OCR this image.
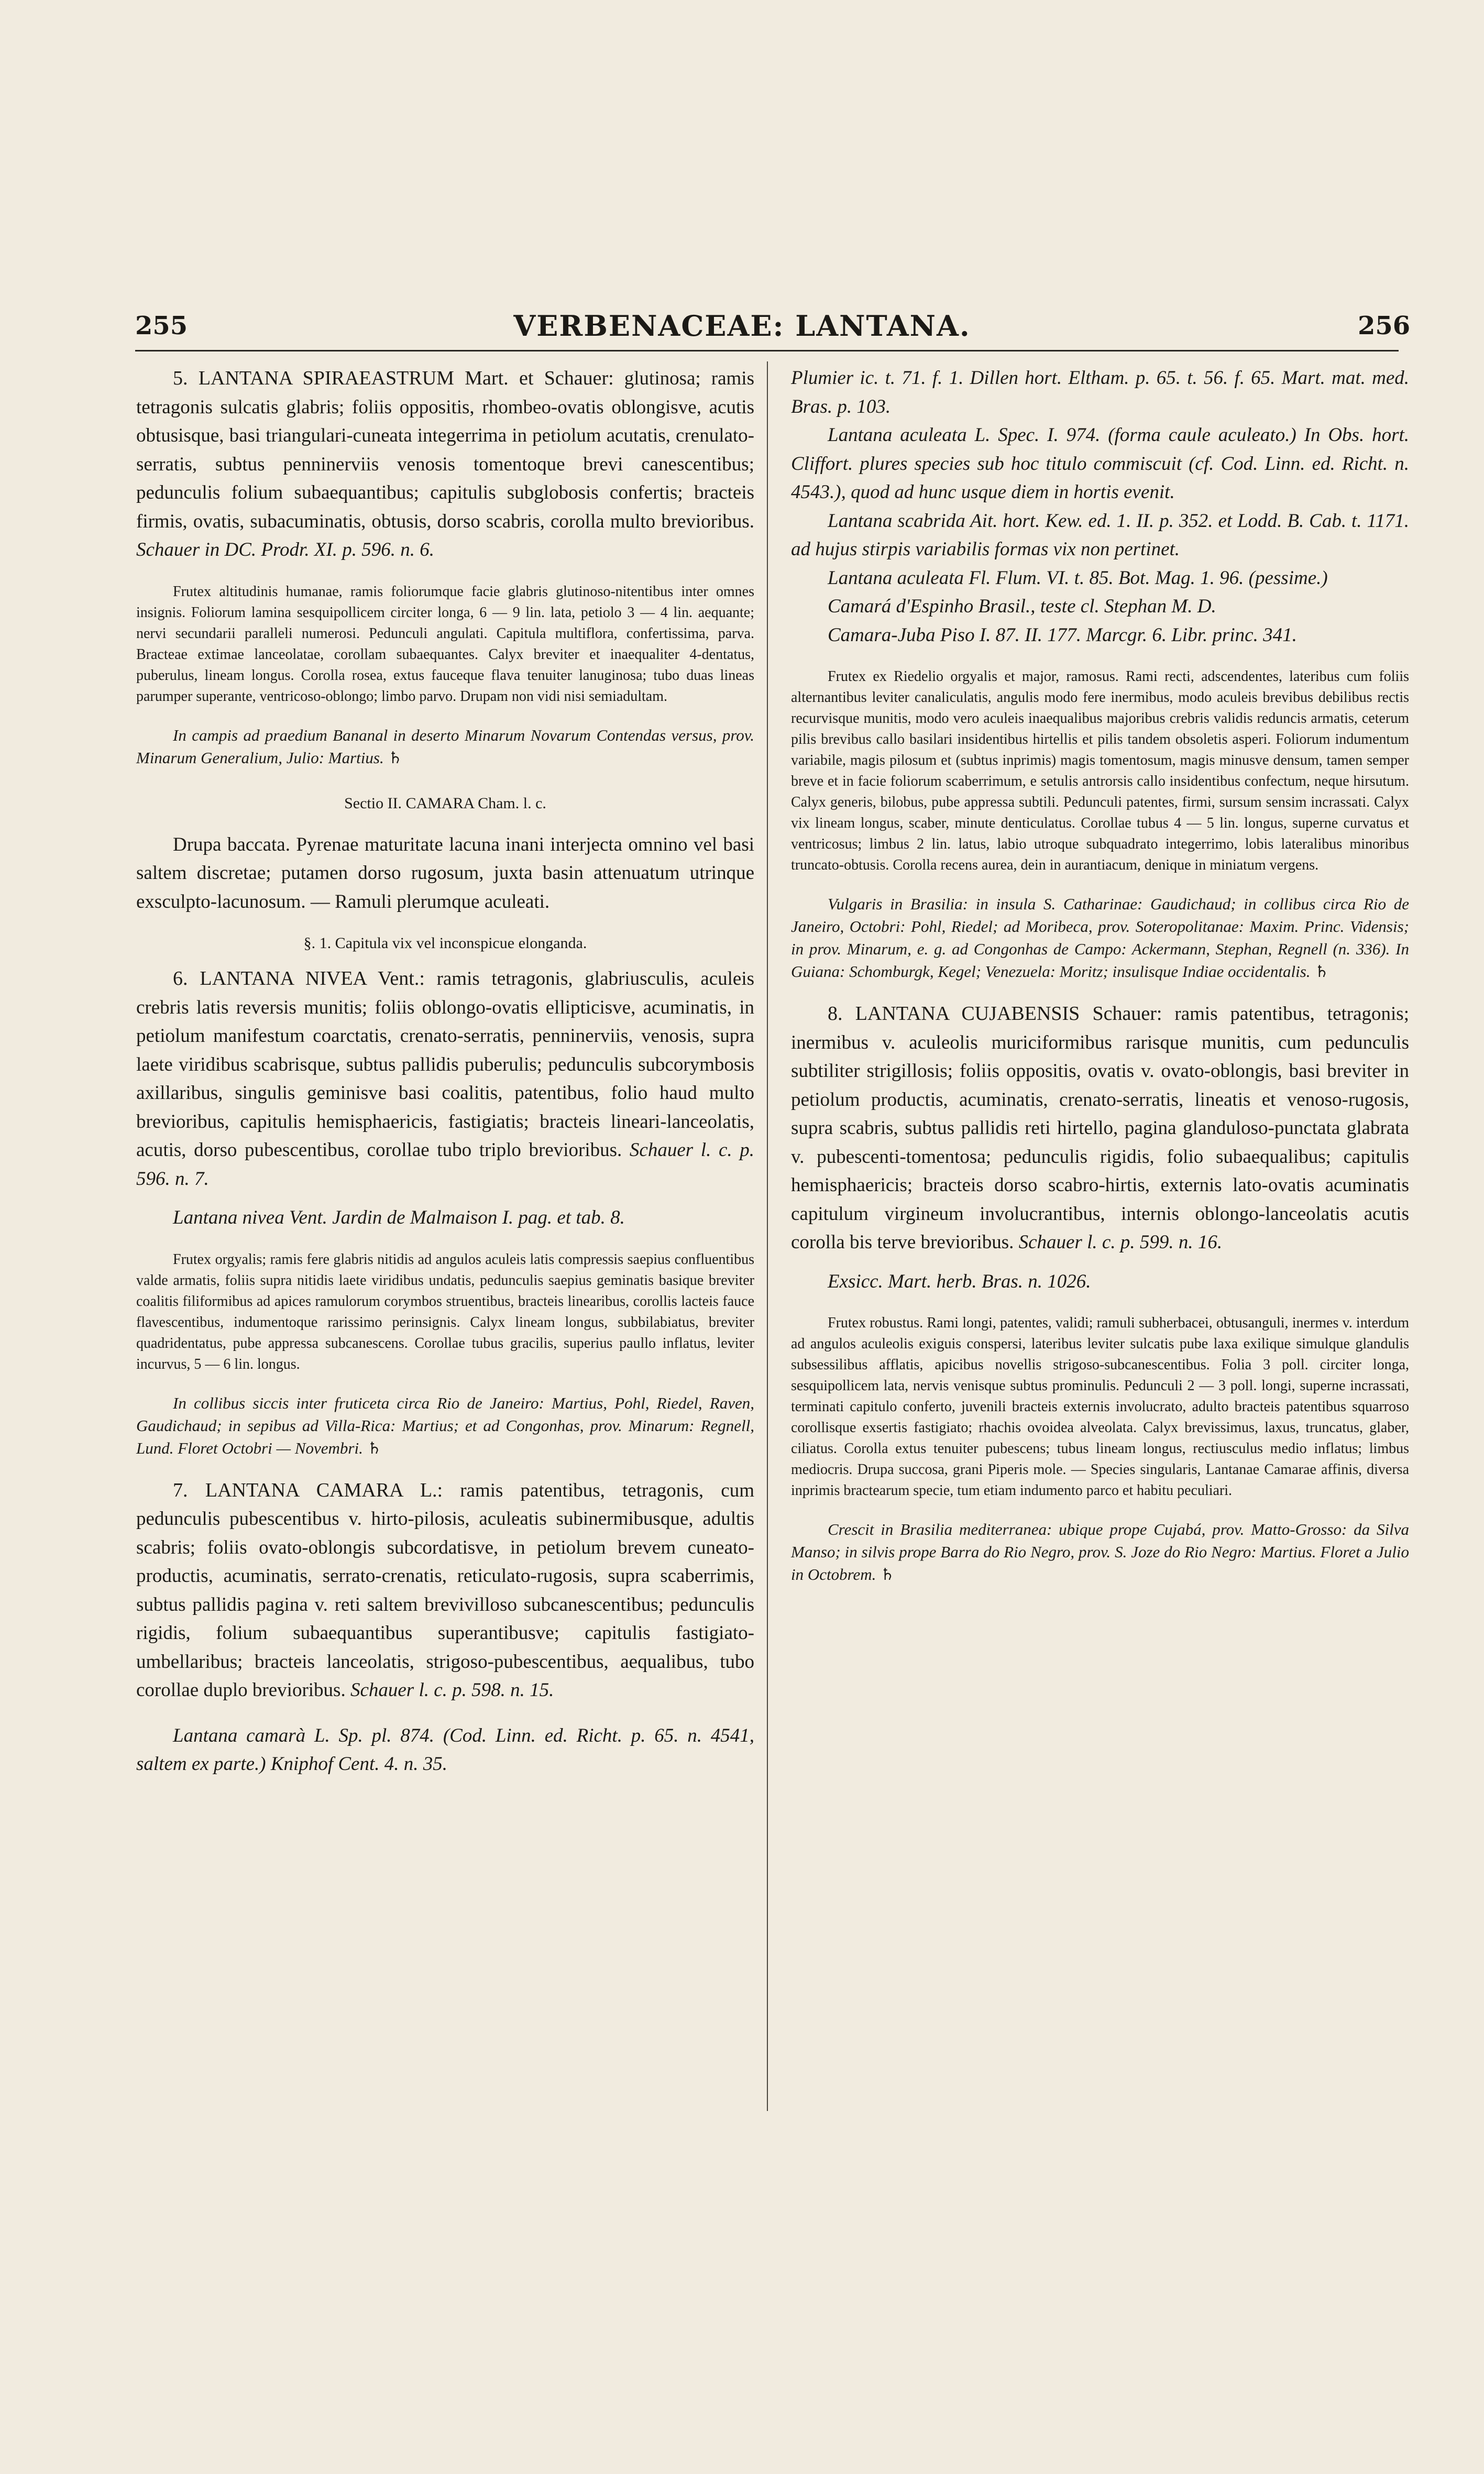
255	VERBENACEAE: LANTANA.	256

5. LANTANA SPIRAEASTRUM Mart. et Schauer: glutinosa; ramis tetragonis sulcatis glabris; foliis oppositis, rhombeo-ovatis oblongisve, acutis obtusisque, basi triangulari-cuneata integerrima in petiolum acutatis, crenulato-serratis, subtus penninerviis venosis tomentoque brevi canescentibus; pedunculis folium subaequantibus; capitulis subglobosis confertis; bracteis firmis, ovatis, subacuminatis, obtusis, dorso scabris, corolla multo brevioribus. Schauer in DC. Prodr. XI. p. 596. n. 6.

Frutex altitudinis humanae, ramis foliorumque facie glabris glutinoso-nitentibus inter omnes insignis. Foliorum lamina sesquipollicem circiter longa, 6 — 9 lin. lata, petiolo 3 — 4 lin. aequante; nervi secundarii paralleli numerosi. Pedunculi angulati. Capitula multiflora, confertissima, parva. Bracteae extimae lanceolatae, corollam subaequantes. Calyx breviter et inaequaliter 4-dentatus, puberulus, lineam longus. Corolla rosea, extus fauceque flava tenuiter lanuginosa; tubo duas lineas parumper superante, ventricoso-oblongo; limbo parvo. Drupam non vidi nisi semiadultam.

In campis ad praedium Bananal in deserto Minarum Novarum Contendas versus, prov. Minarum Generalium, Julio: Martius. ♄

Sectio II. CAMARA Cham. l. c.

Drupa baccata. Pyrenae maturitate lacuna inani interjecta omnino vel basi saltem discretae; putamen dorso rugosum, juxta basin attenuatum utrinque exsculpto-lacunosum. — Ramuli plerumque aculeati.

§. 1. Capitula vix vel inconspicue elonganda.

6. LANTANA NIVEA Vent.: ramis tetragonis, glabriusculis, aculeis crebris latis reversis munitis; foliis oblongo-ovatis ellipticisve, acuminatis, in petiolum manifestum coarctatis, crenato-serratis, penninerviis, venosis, supra laete viridibus scabrisque, subtus pallidis puberulis; pedunculis subcorymbosis axillaribus, singulis geminisve basi coalitis, patentibus, folio haud multo brevioribus, capitulis hemisphaericis, fastigiatis; bracteis lineari-lanceolatis, acutis, dorso pubescentibus, corollae tubo triplo brevioribus. Schauer l. c. p. 596. n. 7.

Lantana nivea Vent. Jardin de Malmaison I. pag. et tab. 8.

Frutex orgyalis; ramis fere glabris nitidis ad angulos aculeis latis compressis saepius confluentibus valde armatis, foliis supra nitidis laete viridibus undatis, pedunculis saepius geminatis basique breviter coalitis filiformibus ad apices ramulorum corymbos struentibus, bracteis linearibus, corollis lacteis fauce flavescentibus, indumentoque rarissimo perinsignis. Calyx lineam longus, subbilabiatus, breviter quadridentatus, pube appressa subcanescens. Corollae tubus gracilis, superius paullo inflatus, leviter incurvus, 5 — 6 lin. longus.

In collibus siccis inter fruticeta circa Rio de Janeiro: Martius, Pohl, Riedel, Raven, Gaudichaud; in sepibus ad Villa-Rica: Martius; et ad Congonhas, prov. Minarum: Regnell, Lund. Floret Octobri — Novembri. ♄

7. LANTANA CAMARA L.: ramis patentibus, tetragonis, cum pedunculis pubescentibus v. hirto-pilosis, aculeatis subinermibusque, adultis scabris; foliis ovato-oblongis subcordatisve, in petiolum brevem cuneato-productis, acuminatis, serrato-crenatis, reticulato-rugosis, supra scaberrimis, subtus pallidis pagina v. reti saltem brevivilloso subcanescentibus; pedunculis rigidis, folium subaequantibus superantibusve; capitulis fastigiato-umbellaribus; bracteis lanceolatis, strigoso-pubescentibus, aequalibus, tubo corollae duplo brevioribus. Schauer l. c. p. 598. n. 15.

Lantana camarà L. Sp. pl. 874. (Cod. Linn. ed. Richt. p. 65. n. 4541, saltem ex parte.) Kniphof Cent. 4. n. 35.

Plumier ic. t. 71. f. 1. Dillen hort. Eltham. p. 65. t. 56. f. 65. Mart. mat. med. Bras. p. 103.

Lantana aculeata L. Spec. I. 974. (forma caule aculeato.) In Obs. hort. Cliffort. plures species sub hoc titulo commiscuit (cf. Cod. Linn. ed. Richt. n. 4543.), quod ad hunc usque diem in hortis evenit.

Lantana scabrida Ait. hort. Kew. ed. 1. II. p. 352. et Lodd. B. Cab. t. 1171. ad hujus stirpis variabilis formas vix non pertinet.

Lantana aculeata Fl. Flum. VI. t. 85. Bot. Mag. 1. 96. (pessime.)

Camará d'Espinho Brasil., teste cl. Stephan M. D.

Camara-Juba Piso I. 87. II. 177. Marcgr. 6. Libr. princ. 341.

Frutex ex Riedelio orgyalis et major, ramosus. Rami recti, adscendentes, lateribus cum foliis alternantibus leviter canaliculatis, angulis modo fere inermibus, modo aculeis brevibus debilibus rectis recurvisque munitis, modo vero aculeis inaequalibus majoribus crebris validis reduncis armatis, ceterum pilis brevibus callo basilari insidentibus hirtellis et pilis tandem obsoletis asperi. Foliorum indumentum variabile, magis pilosum et (subtus inprimis) magis tomentosum, magis minusve densum, tamen semper breve et in facie foliorum scaberrimum, e setulis antrorsis callo insidentibus confectum, neque hirsutum. Calyx generis, bilobus, pube appressa subtili. Pedunculi patentes, firmi, sursum sensim incrassati. Calyx vix lineam longus, scaber, minute denticulatus. Corollae tubus 4 — 5 lin. longus, superne curvatus et ventricosus; limbus 2 lin. latus, labio utroque subquadrato integerrimo, lobis lateralibus minoribus truncato-obtusis. Corolla recens aurea, dein in aurantiacum, denique in miniatum vergens.

Vulgaris in Brasilia: in insula S. Catharinae: Gaudichaud; in collibus circa Rio de Janeiro, Octobri: Pohl, Riedel; ad Moribeca, prov. Soteropolitanae: Maxim. Princ. Vidensis; in prov. Minarum, e. g. ad Congonhas de Campo: Ackermann, Stephan, Regnell (n. 336). In Guiana: Schomburgk, Kegel; Venezuela: Moritz; insulisque Indiae occidentalis. ♄

8. LANTANA CUJABENSIS Schauer: ramis patentibus, tetragonis; inermibus v. aculeolis muriciformibus rarisque munitis, cum pedunculis subtiliter strigillosis; foliis oppositis, ovatis v. ovato-oblongis, basi breviter in petiolum productis, acuminatis, crenato-serratis, lineatis et venoso-rugosis, supra scabris, subtus pallidis reti hirtello, pagina glanduloso-punctata glabrata v. pubescenti-tomentosa; pedunculis rigidis, folio subaequalibus; capitulis hemisphaericis; bracteis dorso scabro-hirtis, externis lato-ovatis acuminatis capitulum virgineum involucrantibus, internis oblongo-lanceolatis acutis corolla bis terve brevioribus. Schauer l. c. p. 599. n. 16.

Exsicc. Mart. herb. Bras. n. 1026.

Frutex robustus. Rami longi, patentes, validi; ramuli subherbacei, obtusanguli, inermes v. interdum ad angulos aculeolis exiguis conspersi, lateribus leviter sulcatis pube laxa exilique simulque glandulis subsessilibus afflatis, apicibus novellis strigoso-subcanescentibus. Folia 3 poll. circiter longa, sesquipollicem lata, nervis venisque subtus prominulis. Pedunculi 2 — 3 poll. longi, superne incrassati, terminati capitulo conferto, juvenili bracteis externis involucrato, adulto bracteis patentibus squarroso corollisque exsertis fastigiato; rhachis ovoidea alveolata. Calyx brevissimus, laxus, truncatus, glaber, ciliatus. Corolla extus tenuiter pubescens; tubus lineam longus, rectiusculus medio inflatus; limbus mediocris. Drupa succosa, grani Piperis mole. — Species singularis, Lantanae Camarae affinis, diversa inprimis bractearum specie, tum etiam indumento parco et habitu peculiari.

Crescit in Brasilia mediterranea: ubique prope Cujabá, prov. Matto-Grosso: da Silva Manso; in silvis prope Barra do Rio Negro, prov. S. Joze do Rio Negro: Martius. Floret a Julio in Octobrem. ♄
